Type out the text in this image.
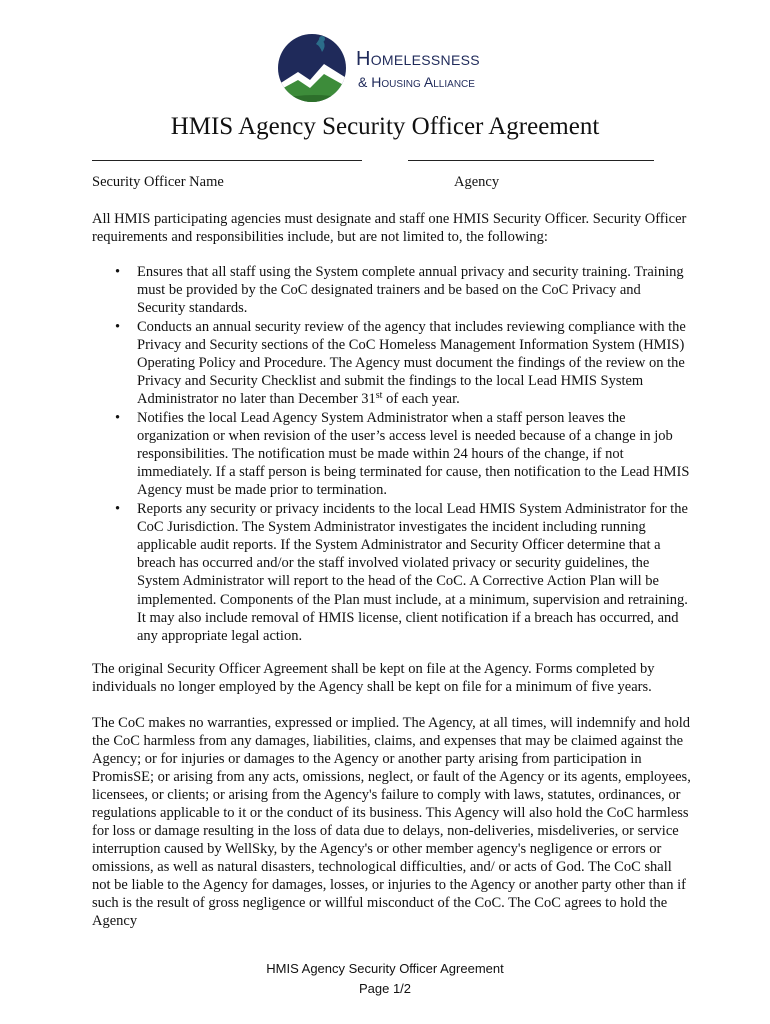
Homelessness
& Housing Alliance
HMIS Agency Security Officer Agreement
Security Officer Name	Agency

All HMIS participating agencies must designate and staff one HMIS Security Officer. Security Officer requirements and responsibilities include, but are not limited to, the following:

• Ensures that all staff using the System complete annual privacy and security training. Training must be provided by the CoC designated trainers and be based on the CoC Privacy and Security standards.
• Conducts an annual security review of the agency that includes reviewing compliance with the Privacy and Security sections of the CoC Homeless Management Information System (HMIS) Operating Policy and Procedure. The Agency must document the findings of the review on the Privacy and Security Checklist and submit the findings to the local Lead HMIS System Administrator no later than December 31st of each year.
• Notifies the local Lead Agency System Administrator when a staff person leaves the organization or when revision of the user’s access level is needed because of a change in job responsibilities. The notification must be made within 24 hours of the change, if not immediately. If a staff person is being terminated for cause, then notification to the Lead HMIS Agency must be made prior to termination.
• Reports any security or privacy incidents to the local Lead HMIS System Administrator for the CoC Jurisdiction. The System Administrator investigates the incident including running applicable audit reports. If the System Administrator and Security Officer determine that a breach has occurred and/or the staff involved violated privacy or security guidelines, the System Administrator will report to the head of the CoC. A Corrective Action Plan will be implemented. Components of the Plan must include, at a minimum, supervision and retraining. It may also include removal of HMIS license, client notification if a breach has occurred, and any appropriate legal action.

The original Security Officer Agreement shall be kept on file at the Agency. Forms completed by individuals no longer employed by the Agency shall be kept on file for a minimum of five years.

The CoC makes no warranties, expressed or implied. The Agency, at all times, will indemnify and hold the CoC harmless from any damages, liabilities, claims, and expenses that may be claimed against the Agency; or for injuries or damages to the Agency or another party arising from participation in PromisSE; or arising from any acts, omissions, neglect, or fault of the Agency or its agents, employees, licensees, or clients; or arising from the Agency's failure to comply with laws, statutes, ordinances, or regulations applicable to it or the conduct of its business. This Agency will also hold the CoC harmless for loss or damage resulting in the loss of data due to delays, non-deliveries, misdeliveries, or service interruption caused by WellSky, by the Agency's or other member agency's negligence or errors or omissions, as well as natural disasters, technological difficulties, and/ or acts of God. The CoC shall not be liable to the Agency for damages, losses, or injuries to the Agency or another party other than if such is the result of gross negligence or willful misconduct of the CoC. The CoC agrees to hold the Agency

HMIS Agency Security Officer Agreement
Page 1/2
